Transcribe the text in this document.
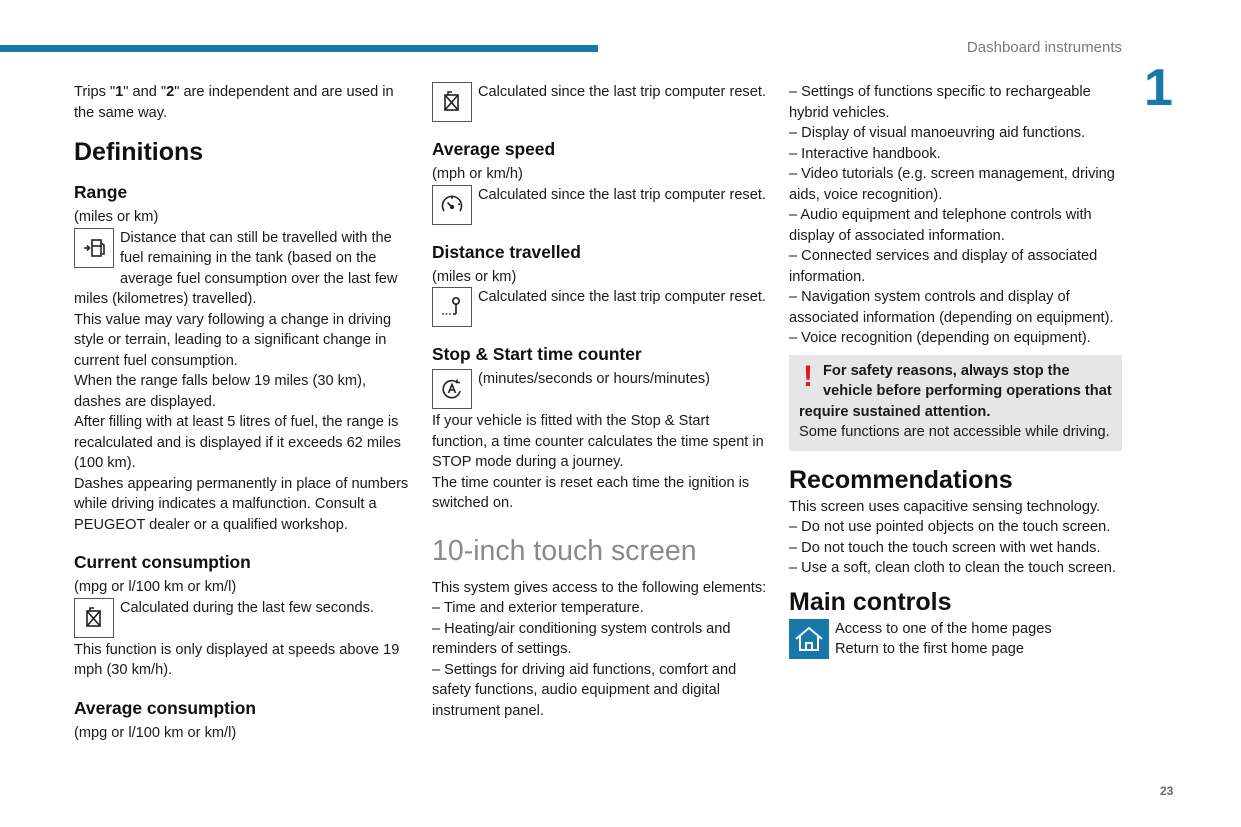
Dashboard instruments
1
23

Trips "1" and "2" are independent and are used in the same way.

Definitions
Range

(miles or km)

Distance that can still be travelled with the fuel remaining in the tank (based on the average fuel consumption over the last few miles (kilometres) travelled).

This value may vary following a change in driving style or terrain, leading to a significant change in current fuel consumption.

When the range falls below 19 miles (30 km), dashes are displayed.

After filling with at least 5 litres of fuel, the range is recalculated and is displayed if it exceeds 62 miles (100 km).

Dashes appearing permanently in place of numbers while driving indicates a malfunction. Consult a PEUGEOT dealer or a qualified workshop.

Current consumption

(mpg or l/100 km or km/l)

Calculated during the last few seconds.

This function is only displayed at speeds above 19 mph (30 km/h).

Average consumption

(mpg or l/100 km or km/l)

Calculated since the last trip computer reset.

Average speed

(mph or km/h)

Calculated since the last trip computer reset.

Distance travelled

(miles or km)

Calculated since the last trip computer reset.

Stop & Start time counter

(minutes/seconds or hours/minutes)

If your vehicle is fitted with the Stop & Start function, a time counter calculates the time spent in STOP mode during a journey.

The time counter is reset each time the ignition is switched on.

10-inch touch screen

This system gives access to the following elements:

– Time and exterior temperature.

– Heating/air conditioning system controls and reminders of settings.

– Settings for driving aid functions, comfort and safety functions, audio equipment and digital instrument panel.

– Settings of functions specific to rechargeable hybrid vehicles.

– Display of visual manoeuvring aid functions.

– Interactive handbook.

– Video tutorials (e.g. screen management, driving aids, voice recognition).

– Audio equipment and telephone controls with display of associated information.

– Connected services and display of associated information.

– Navigation system controls and display of associated information (depending on equipment).

– Voice recognition (depending on equipment).

! For safety reasons, always stop the vehicle before performing operations that require sustained attention.

Some functions are not accessible while driving.

Recommendations

This screen uses capacitive sensing technology.

– Do not use pointed objects on the touch screen.

– Do not touch the touch screen with wet hands.

– Use a soft, clean cloth to clean the touch screen.

Main controls

Access to one of the home pages

Return to the first home page
